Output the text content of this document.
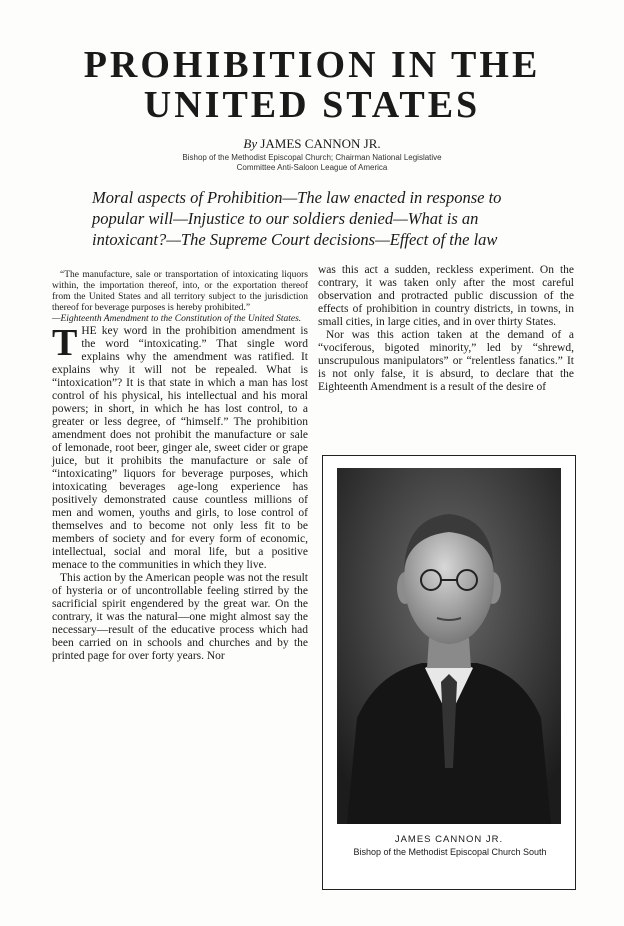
PROHIBITION IN THE
UNITED STATES
By JAMES CANNON JR.
Bishop of the Methodist Episcopal Church; Chairman National Legislative Committee Anti-Saloon League of America
Moral aspects of Prohibition—The law enacted in response to popular will—Injustice to our soldiers denied—What is an intoxicant?—The Supreme Court decisions—Effect of the law

“The manufacture, sale or transportation of intoxicating liquors within, the importation thereof, into, or the exportation thereof from the United States and all territory subject to the jurisdiction thereof for beverage purposes is hereby prohibited.”

—Eighteenth Amendment to the Constitution of the United States.

THE key word in the prohibition amendment is the word “intoxicating.” That single word explains why the amendment was ratified. It explains why it will not be repealed. What is “intoxication”? It is that state in which a man has lost control of his physical, his intellectual and his moral powers; in short, in which he has lost control, to a greater or less degree, of “himself.” The prohibition amendment does not prohibit the manufacture or sale of lemonade, root beer, ginger ale, sweet cider or grape juice, but it prohibits the manufacture or sale of “intoxicating” liquors for beverage purposes, which intoxicating beverages age-long experience has positively demonstrated cause countless millions of men and women, youths and girls, to lose control of themselves and to become not only less fit to be members of society and for every form of economic, intellectual, social and moral life, but a positive menace to the communities in which they live.

This action by the American people was not the result of hysteria or of uncontrollable feeling stirred by the sacrificial spirit engendered by the great war. On the contrary, it was the natural—one might almost say the necessary—result of the educative process which had been carried on in schools and churches and by the printed page for over forty years. Nor

was this act a sudden, reckless experiment. On the contrary, it was taken only after the most careful observation and protracted public discussion of the effects of prohibition in country districts, in towns, in small cities, in large cities, and in over thirty States.

Nor was this action taken at the demand of a “vociferous, bigoted minority,” led by “shrewd, unscrupulous manipulators” or “relentless fanatics.” It is not only false, it is absurd, to declare that the Eighteenth Amendment is a result of the desire of

JAMES CANNON JR.
Bishop of the Methodist Episcopal Church South
